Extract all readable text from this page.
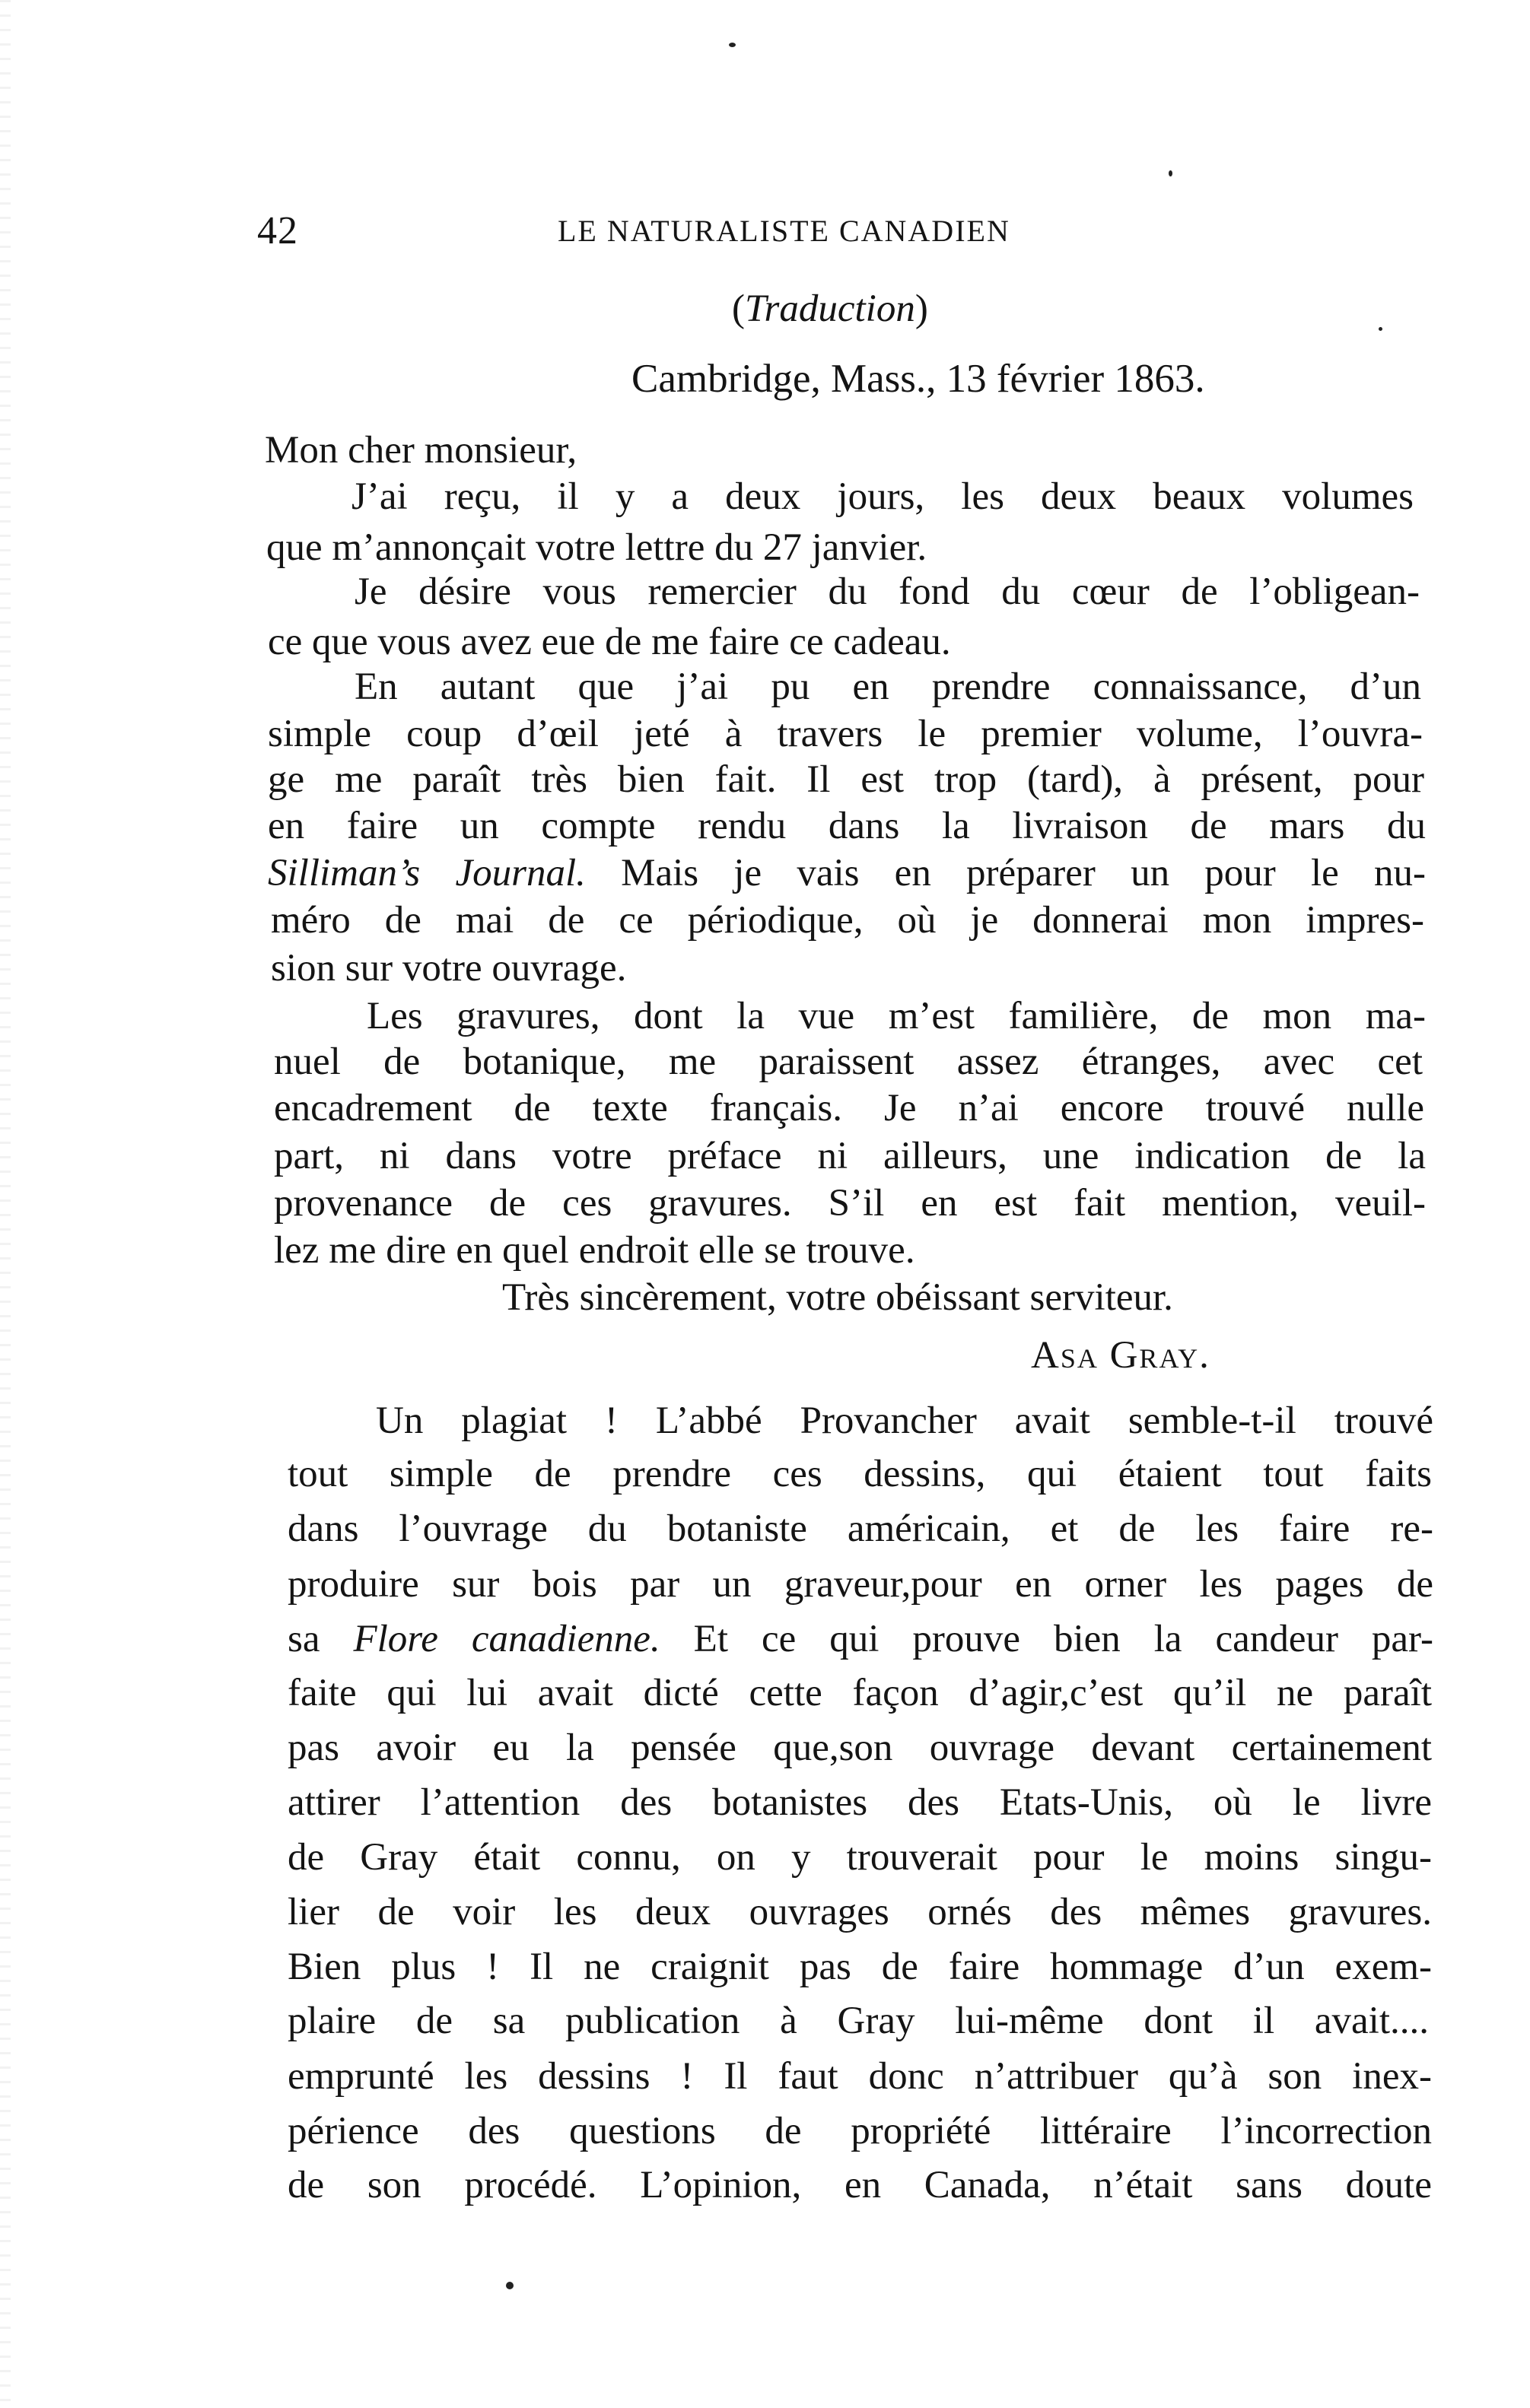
42	LE NATURALISTE CANADIEN
(Traduction)
Cambridge, Mass., 13 février 1863.
Mon cher monsieur,
J’ai reçu, il y a deux jours, les deux beaux volumes
que m’annonçait votre lettre du 27 janvier.
Je désire vous remercier du fond du cœur de l’obligean-
ce que vous avez eue de me faire ce cadeau.
En autant que j’ai pu en prendre connaissance, d’un
simple coup d’œil jeté à travers le premier volume, l’ouvra-
ge me paraît très bien fait. Il est trop (tard), à présent, pour
en faire un compte rendu dans la livraison de mars du
Silliman’s Journal. Mais je vais en préparer un pour le nu-
méro de mai de ce périodique, où je donnerai mon impres-
sion sur votre ouvrage.
Les gravures, dont la vue m’est familière, de mon ma-
nuel de botanique, me paraissent assez étranges, avec cet
encadrement de texte français. Je n’ai encore trouvé nulle
part, ni dans votre préface ni ailleurs, une indication de la
provenance de ces gravures. S’il en est fait mention, veuil-
lez me dire en quel endroit elle se trouve.
Très sincèrement, votre obéissant serviteur.
Asa Gray.
Un plagiat ! L’abbé Provancher avait semble-t-il trouvé
tout simple de prendre ces dessins, qui étaient tout faits
dans l’ouvrage du botaniste américain, et de les faire re-
produire sur bois par un graveur,pour en orner les pages de
sa Flore canadienne. Et ce qui prouve bien la candeur par-
faite qui lui avait dicté cette façon d’agir,c’est qu’il ne paraît
pas avoir eu la pensée que,son ouvrage devant certainement
attirer l’attention des botanistes des Etats-Unis, où le livre
de Gray était connu, on y trouverait pour le moins singu-
lier de voir les deux ouvrages ornés des mêmes gravures.
Bien plus ! Il ne craignit pas de faire hommage d’un exem-
plaire de sa publication à Gray lui-même dont il avait....
emprunté les dessins ! Il faut donc n’attribuer qu’à son inex-
périence des questions de propriété littéraire l’incorrection
de son procédé. L’opinion, en Canada, n’était sans doute
